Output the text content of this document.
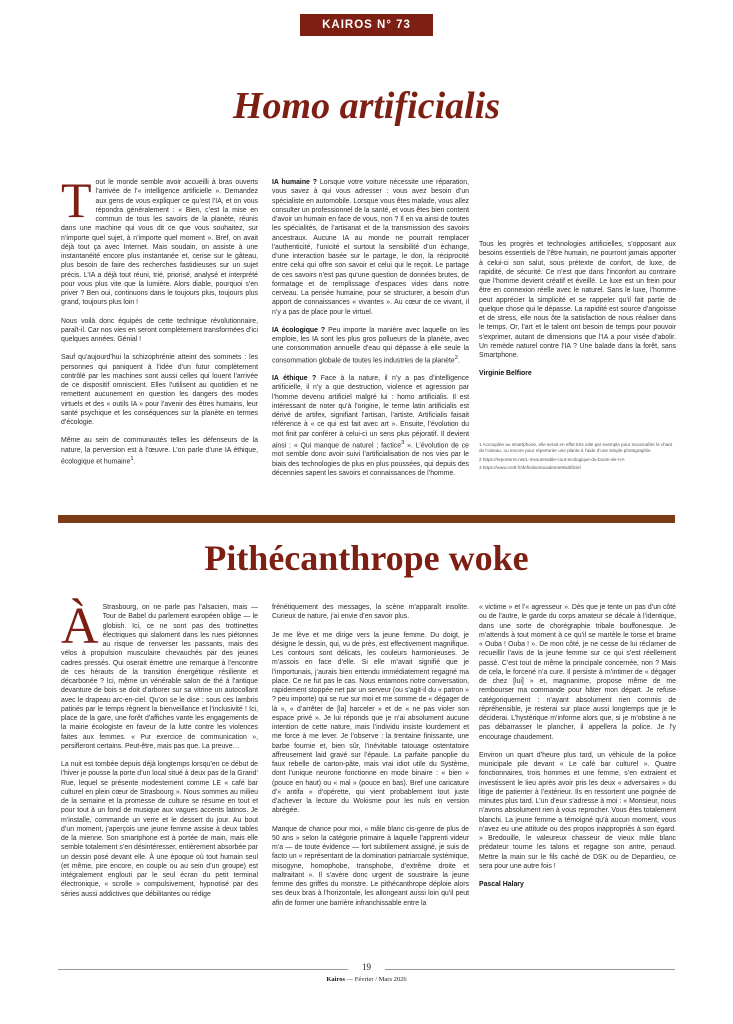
KAIROS N° 73
Homo artificialis

Tout le monde semble avoir accueilli à bras ouverts l’arrivée de l’« intelligence artificielle ». Demandez aux gens de vous expliquer ce qu’est l’IA, et on vous répondra généralement : « Bien, c’est la mise en commun de tous les savoirs de la planète, réunis dans une machine qui vous dit ce que vous souhaitez, sur n’importe quel sujet, à n’importe quel moment ». Bref, on avait déjà tout ça avec Internet. Mais soudain, on assiste à une instantanéité encore plus instantanée et, cerise sur le gâteau, plus besoin de faire des recherches fastidieuses sur un sujet précis. L’IA a déjà tout réuni, trié, priorisé, analysé et interprété pour vous plus vite que la lumière. Alors diable, pourquoi s’en priver ? Ben oui, continuons dans le toujours plus, toujours plus grand, toujours plus loin !

Nous voilà donc équipés de cette technique révolutionnaire, paraît-il. Car nos vies en seront complètement transformées d’ici quelques années. Génial !

Sauf qu’aujourd’hui la schizophrénie atteint des sommets : les personnes qui paniquent à l’idée d’un futur complètement contrôlé par les machines sont aussi celles qui louent l’arrivée de ce dispositif omniscient. Elles l’utilisent au quotidien et ne remettent aucunement en question les dangers des modes virtuels et des « outils IA » pour l’avenir des êtres humains, leur santé psychique et les conséquences sur la planète en termes d’écologie.

Même au sein de communautés telles les défenseurs de la nature, la perversion est à l’œuvre. L’on parle d’une IA éthique, écologique et humaine$^1$.

IA humaine ? Lorsque votre voiture nécessite une réparation, vous savez à qui vous adresser : vous avez besoin d’un spécialiste en automobile. Lorsque vous êtes malade, vous allez consulter un professionnel de la santé, et vous êtes bien content d’avoir un humain en face de vous, non ? Il en va ainsi de toutes les spécialités, de l’artisanat et de la transmission des savoirs ancestraux. Aucune IA au monde ne pourrait remplacer l’authenticité, l’unicité et surtout la sensibilité d’un échange, d’une interaction basée sur le partage, le don, la réciprocité entre celui qui offre son savoir et celui qui le reçoit. Le partage de ces savoirs n’est pas qu’une question de données brutes, de formatage et de remplissage d’espaces vides dans notre cerveau. La pensée humaine, pour se structurer, a besoin d’un apport de connaissances « vivantes ». Au cœur de ce vivant, il n’y a pas de place pour le virtuel.

IA écologique ? Peu importe la manière avec laquelle on les emploie, les IA sont les plus gros pollueurs de la planète, avec une consommation annuelle d’eau qui dépasse à elle seule la consommation globale de toutes les industries de la planète$^2$.

IA éthique ? Face à la nature, il n’y a pas d’intelligence artificielle, il n’y a que destruction, violence et agression par l’homme devenu artificiel malgré lui : homo artificialis. Il est intéressant de noter qu’à l’origine, le terme latin artificialis est dérivé de artifex, signifiant l’artisan, l’artiste. Artificialis faisait référence à « ce qui est fait avec art ». Ensuite, l’évolution du mot finit par conférer à celui-ci un sens plus péjoratif. Il devient ainsi : « Qui manque de naturel ; factice$^3$ ». L’évolution de ce mot semble donc avoir suivi l’artificialisation de nos vies par le biais des technologies de plus en plus poussées, qui depuis des décennies sapent les savoirs et connaissances de l’homme.

Tous les progrès et technologies artificielles, s’opposant aux besoins essentiels de l’être humain, ne pourront jamais apporter à celui-ci son salut, sous prétexte de confort, de luxe, de rapidité, de sécurité. Ce n’est que dans l’inconfort au contraire que l’homme devient créatif et éveillé. Le luxe est un frein pour être en connexion réelle avec le naturel. Sans le luxe, l’homme peut apprécier la simplicité et se rappeler qu’il fait partie de quelque chose qui le dépasse. La rapidité est source d’angoisse et de stress, elle nous ôte la satisfaction de nous réaliser dans le temps. Or, l’art et le talent ont besoin de temps pour pouvoir s’exprimer, autant de dimensions que l’IA a pour visée d’abolir. Un remède naturel contre l’IA ? Une balade dans la forêt, sans Smartphone.

Virginie Belfiore

1 Accouplée au smartphone, elle serait en effet très utile par exemple pour reconnaître le chant de l’oiseau, ou encore pour répertorier une plante à l’aide d’une simple photographie.

2 https://reporterre.net/L-insoutenable-cout-ecologique-du-boom-de-l-IA

3 https://www.cnrtl.fr/definition/academie9/artificiel

Pithécanthrope woke

À Strasbourg, on ne parle pas l’alsacien, mais — Tour de Babel du parlement européen oblige — le globish. Ici, ce ne sont pas des trottinettes électriques qui slaloment dans les rues piétonnes au risque de renverser les passants, mais des vélos à propulsion musculaire chevauchés par des jeunes cadres pressés. Qui oserait émettre une remarque à l’encontre de ces hérauts de la transition énergétique résiliente et décarbonée ? Ici, même un vénérable salon de thé à l’antique devanture de bois se doit d’arborer sur sa vitrine un autocollant avec le drapeau arc-en-ciel. Qu’on se le dise : sous ces lambris patinés par le temps règnent la bienveillance et l’inclusivité ! Ici, place de la gare, une forêt d’affiches vante les engagements de la mairie écologiste en faveur de la lutte contre les violences faites aux femmes. « Pur exercice de communication », persifleront certains. Peut-être, mais pas que. La preuve…

La nuit est tombée depuis déjà longtemps lorsqu’en ce début de l’hiver je pousse la porte d’un local situé à deux pas de la Grand’ Rue, lequel se présente modestement comme LE « café bar culturel en plein cœur de Strasbourg ». Nous sommes au milieu de la semaine et la promesse de culture se résume en tout et pour tout à un fond de musique aux vagues accents latinos. Je m’installe, commande un verre et le dessert du jour. Au bout d’un moment, j’aperçois une jeune femme assise à deux tables de la mienne. Son smartphone est à portée de main, mais elle semble totalement s’en désintéresser, entièrement absorbée par un dessin posé devant elle. À une époque où tout humain seul (et même, pire encore, en couple ou au sein d’un groupe) est intégralement englouti par le seul écran du petit terminal électronique, « scrolle » compulsivement, hypnotisé par des séries aussi addictives que débilitantes ou rédige

frénétiquement des messages, la scène m’apparaît insolite. Curieux de nature, j’ai envie d’en savoir plus.

Je me lève et me dirige vers la jeune femme. Du doigt, je désigne le dessin, qui, vu de près, est effectivement magnifique. Les contours sont délicats, les couleurs harmonieuses. Je m’assois en face d’elle. Si elle m’avait signifié que je l’importunais, j’aurais bien entendu immédiatement regagné ma place. Ce ne fut pas le cas. Nous entamons notre conversation, rapidement stoppée net par un serveur (ou s’agit-il du « patron » ? peu importe) qui se rue sur moi et me somme de « dégager de là », « d’arrêter de [la] harceler » et de « ne pas violer son espace privé ». Je lui réponds que je n’ai absolument aucune intention de cette nature, mais l’individu insiste lourdement et me force à me lever. Je l’observe : la trentaine finissante, une barbe fournie et, bien sûr, l’inévitable tatouage ostentatoire affreusement laid gravé sur l’épaule. La parfaite panoplie du faux rebelle de carton-pâte, mais vrai idiot utile du Système, dont l’unique neurone fonctionne en mode binaire : « bien » (pouce en haut) ou « mal » (pouce en bas). Bref une caricature d’« antifa » d’opérette, qui vient probablement tout juste d’achever la lecture du Wokisme pour les nuls en version abrégée.

Manque de chance pour moi, « mâle blanc cis-genre de plus de 50 ans » selon la catégorie primaire à laquelle l’apprenti videur m’a — de toute évidence — fort subtilement assigné, je suis de facto un « représentant de la domination patriarcale systémique, misogyne, homophobe, transphobe, d’extrême droite et maltraitant ». Il s’avère donc urgent de soustraire la jeune femme des griffes du monstre. Le pithécanthrope déploie alors ses deux bras à l’horizontale, les allongeant aussi loin qu’il peut afin de former une barrière infranchissable entre la

« victime » et l’« agresseur ». Dès que je tente un pas d’un côté ou de l’autre, le garde du corps amateur se décale à l’identique, dans une sorte de chorégraphie tribale bouffonesque. Je m’attends à tout moment à ce qu’il se martèle le torse et brame « Ouba ! Ouba ! ». De mon côté, je ne cesse de lui réclamer de recueillir l’avis de la jeune femme sur ce qui s’est réellement passé. C’est tout de même la principale concernée, non ? Mais de cela, le forcené n’a cure. Il persiste à m’intimer de « dégager de chez [lui] » et, magnanime, propose même de me rembourser ma commande pour hâter mon départ. Je refuse catégoriquement : n’ayant absolument rien commis de répréhensible, je resterai sur place aussi longtemps que je le déciderai. L’hystérique m’informe alors que, si je m’obstine à ne pas débarrasser le plancher, il appellera la police. Je l’y encourage chaudement.

Environ un quart d’heure plus tard, un véhicule de la police municipale pile devant « Le café bar culturel ». Quatre fonctionnaires, trois hommes et une femme, s’en extraient et investissent le lieu après avoir pris les deux « adversaires » du litige de patienter à l’extérieur. Ils en ressortent une poignée de minutes plus tard. L’un d’eux s’adresse à moi : « Monsieur, nous n’avons absolument rien à vous reprocher. Vous êtes totalement blanchi. La jeune femme a témoigné qu’à aucun moment, vous n’avez eu une attitude ou des propos inappropriés à son égard. » Bredouille, le valeureux chasseur de vieux mâle blanc prédateur tourne les talons et regagne son antre, penaud. Mettre la main sur le fils caché de DSK ou de Depardieu, ce sera pour une autre fois !

Pascal Halary

19
Kairos — Février / Mars 2026
